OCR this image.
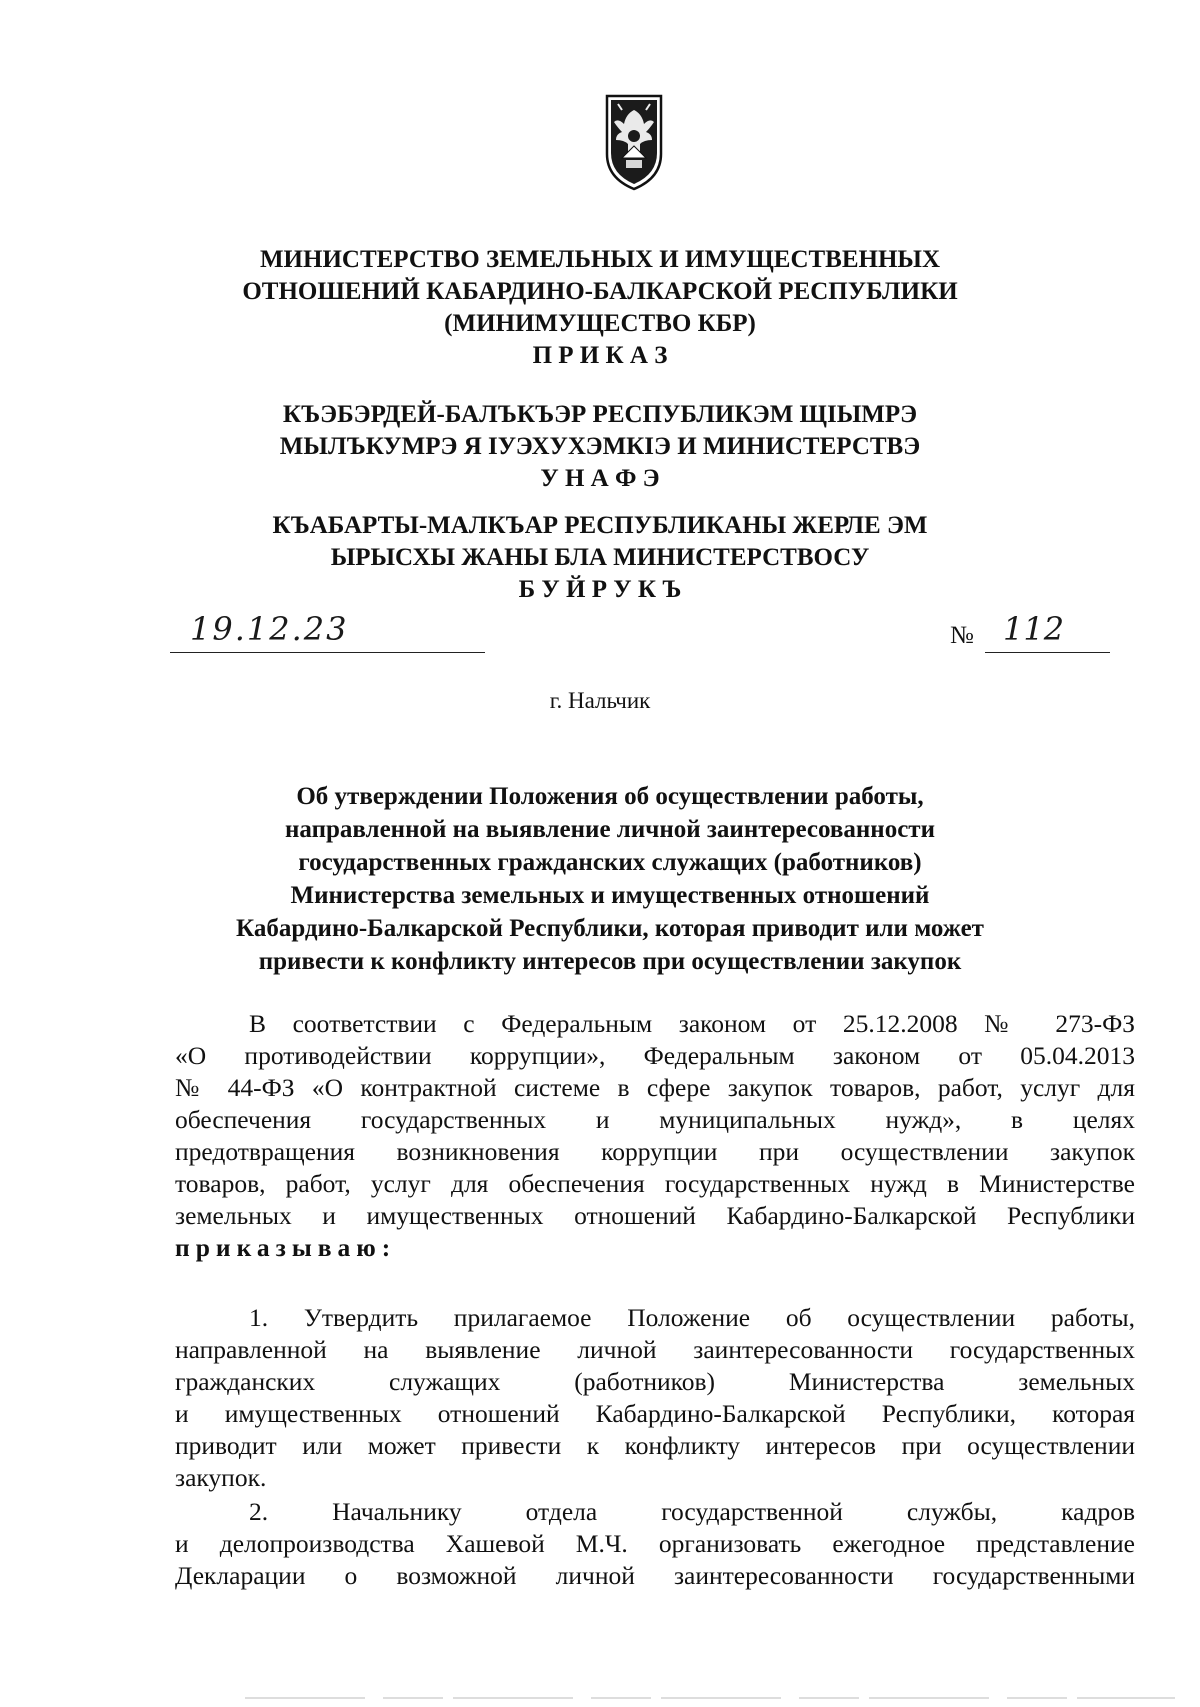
МИНИСТЕРСТВО ЗЕМЕЛЬНЫХ И ИМУЩЕСТВЕННЫХ
ОТНОШЕНИЙ КАБАРДИНО-БАЛКАРСКОЙ РЕСПУБЛИКИ
(МИНИМУЩЕСТВО КБР)
П Р И К А З
КЪЭБЭРДЕЙ-БАЛЪКЪЭР РЕСПУБЛИКЭМ ЩIЫМРЭ
МЫЛЪКУМРЭ Я IУЭХУХЭМКIЭ И МИНИСТЕРСТВЭ
У Н А Ф Э
КЪАБАРТЫ-МАЛКЪАР РЕСПУБЛИКАНЫ ЖЕРЛЕ ЭМ
ЫРЫСХЫ ЖАНЫ БЛА МИНИСТЕРСТВОСУ
Б У Й Р У К Ъ
19.12.23	№ 112
г. Нальчик
Об утверждении Положения об осуществлении работы,
направленной на выявление личной заинтересованности
государственных гражданских служащих (работников)
Министерства земельных и имущественных отношений
Кабардино-Балкарской Республики, которая приводит или может
привести к конфликту интересов при осуществлении закупок
В соответствии с Федеральным законом от 25.12.2008 № 273-ФЗ
«О противодействии коррупции», Федеральным законом от 05.04.2013
№ 44-ФЗ «О контрактной системе в сфере закупок товаров, работ, услуг для
обеспечения государственных и муниципальных нужд», в целях
предотвращения возникновения коррупции при осуществлении закупок
товаров, работ, услуг для обеспечения государственных нужд в Министерстве
земельных и имущественных отношений Кабардино-Балкарской Республики
приказываю:
1. Утвердить прилагаемое Положение об осуществлении работы,
направленной на выявление личной заинтересованности государственных
гражданских служащих (работников) Министерства земельных
и имущественных отношений Кабардино-Балкарской Республики, которая
приводит или может привести к конфликту интересов при осуществлении
закупок.
2. Начальнику отдела государственной службы, кадров
и делопроизводства Хашевой М.Ч. организовать ежегодное представление
Декларации о возможной личной заинтересованности государственными
